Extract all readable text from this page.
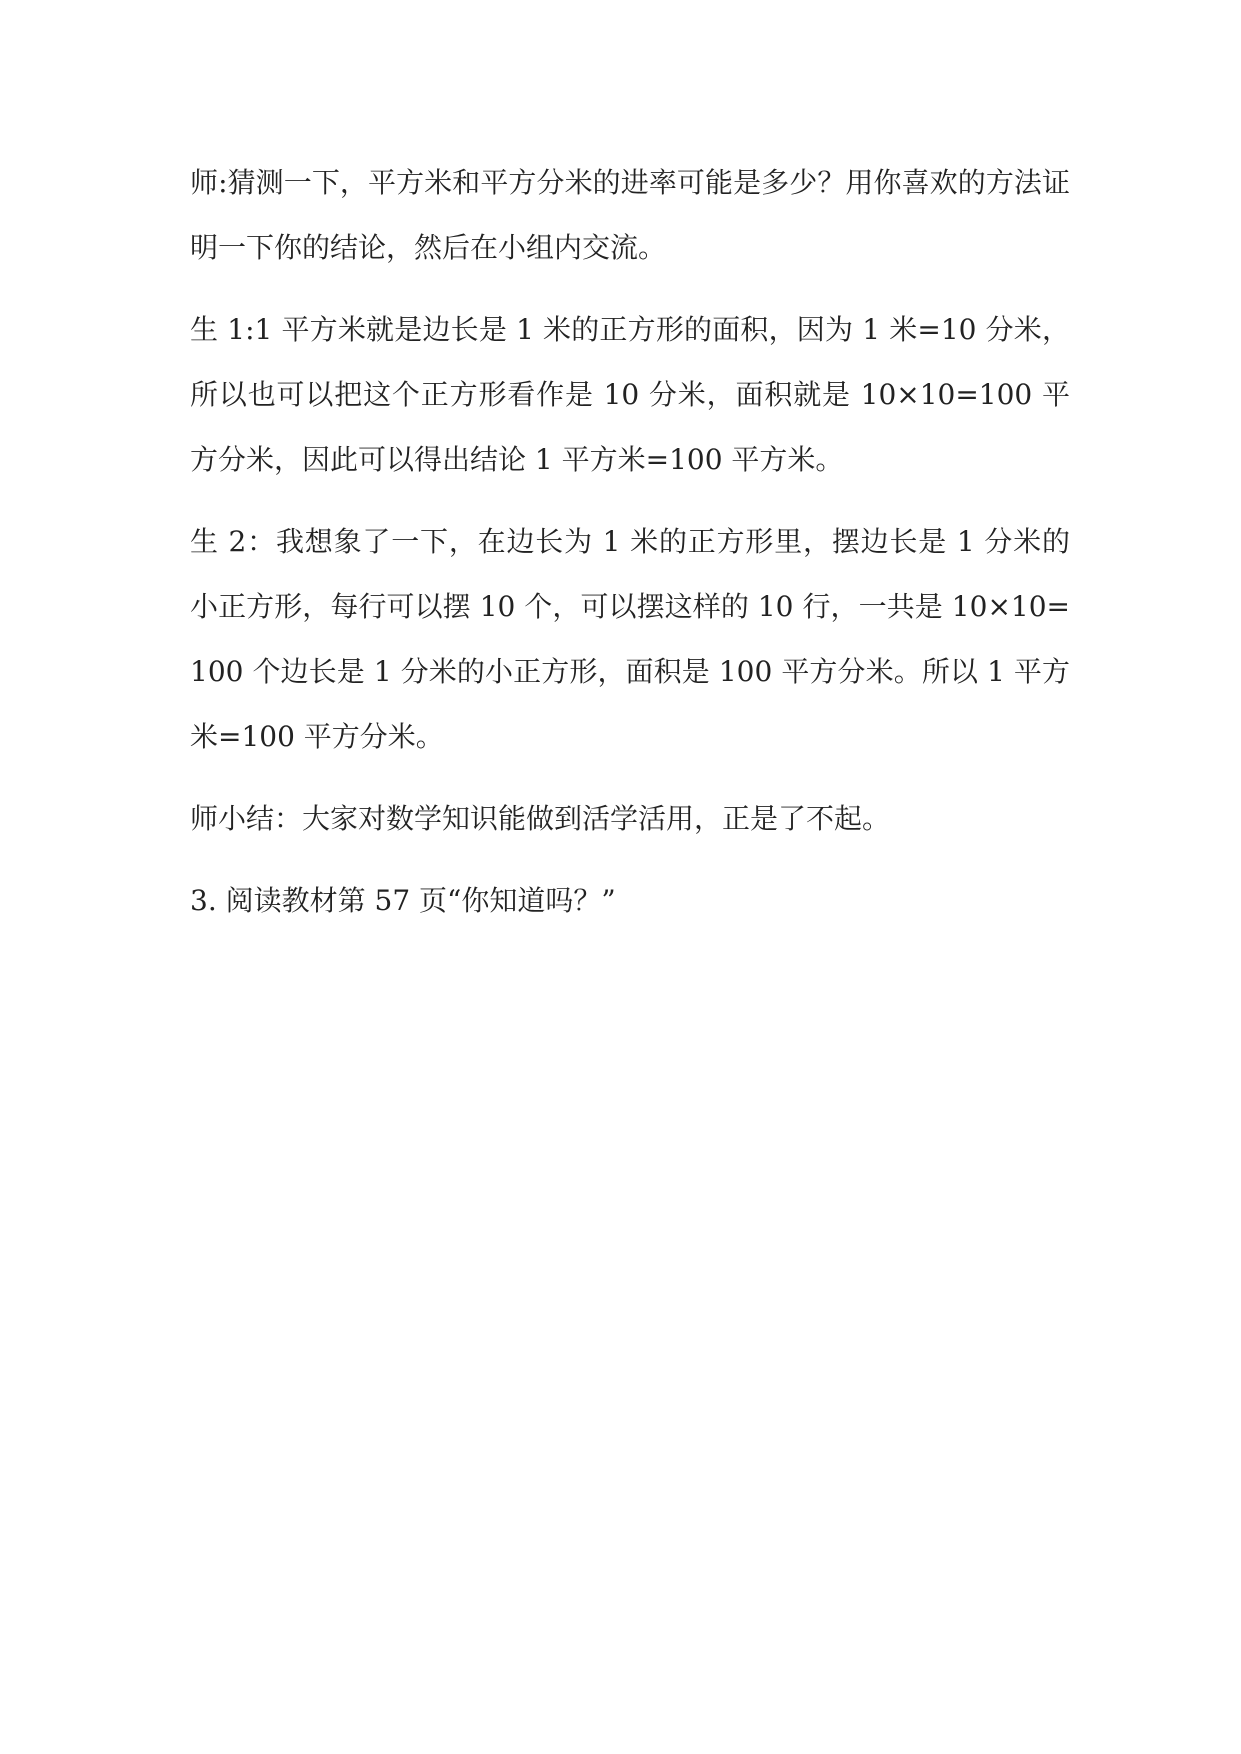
师:猜测一下，平方米和平方分米的进率可能是多少？用你喜欢的方法证明一下你的结论，然后在小组内交流。

生 1:1 平方米就是边长是 1 米的正方形的面积，因为 1 米=10 分米，所以也可以把这个正方形看作是 10 分米，面积就是 10×10=100 平方分米，因此可以得出结论 1 平方米=100 平方米。

生 2：我想象了一下，在边长为 1 米的正方形里，摆边长是 1 分米的小正方形，每行可以摆 10 个，可以摆这样的 10 行，一共是 10×10=100 个边长是 1 分米的小正方形，面积是 100 平方分米。所以 1 平方米=100 平方分米。

师小结：大家对数学知识能做到活学活用，正是了不起。

3. 阅读教材第 57 页“你知道吗？”
